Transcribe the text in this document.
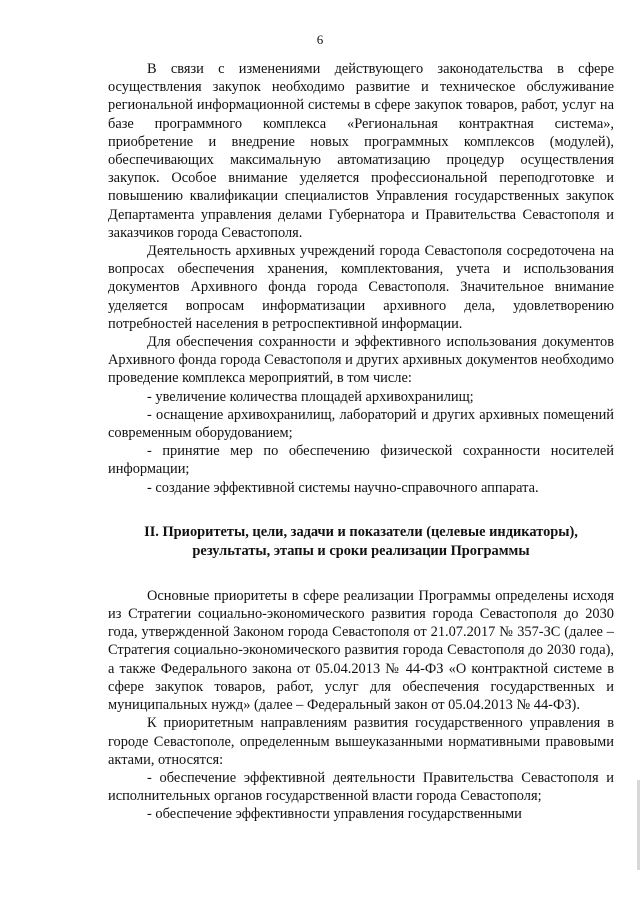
6

В связи с изменениями действующего законодательства в сфере осуществления закупок необходимо развитие и техническое обслуживание региональной информационной системы в сфере закупок товаров, работ, услуг на базе программного комплекса «Региональная контрактная система», приобретение и внедрение новых программных комплексов (модулей), обеспечивающих максимальную автоматизацию процедур осуществления закупок. Особое внимание уделяется профессиональной переподготовке и повышению квалификации специалистов Управления государственных закупок Департамента управления делами Губернатора и Правительства Севастополя и заказчиков города Севастополя.

Деятельность архивных учреждений города Севастополя сосредоточена на вопросах обеспечения хранения, комплектования, учета и использования документов Архивного фонда города Севастополя. Значительное внимание уделяется вопросам информатизации архивного дела, удовлетворению потребностей населения в ретроспективной информации.

Для обеспечения сохранности и эффективного использования документов Архивного фонда города Севастополя и других архивных документов необходимо проведение комплекса мероприятий, в том числе:

- увеличение количества площадей архивохранилищ;

- оснащение архивохранилищ, лабораторий и других архивных помещений современным оборудованием;

- принятие мер по обеспечению физической сохранности носителей информации;

- создание эффективной системы научно-справочного аппарата.

II. Приоритеты, цели, задачи и показатели (целевые индикаторы),
результаты, этапы и сроки реализации Программы

Основные приоритеты в сфере реализации Программы определены исходя из Стратегии социально-экономического развития города Севастополя до 2030 года, утвержденной Законом города Севастополя от 21.07.2017 № 357-ЗС (далее – Стратегия социально-экономического развития города Севастополя до 2030 года), а также Федерального закона от 05.04.2013 № 44-ФЗ «О контрактной системе в сфере закупок товаров, работ, услуг для обеспечения государственных и муниципальных нужд» (далее – Федеральный закон от 05.04.2013 № 44-ФЗ).

К приоритетным направлениям развития государственного управления в городе Севастополе, определенным вышеуказанными нормативными правовыми актами, относятся:

- обеспечение эффективной деятельности Правительства Севастополя и исполнительных органов государственной власти города Севастополя;

- обеспечение эффективности управления государственными
